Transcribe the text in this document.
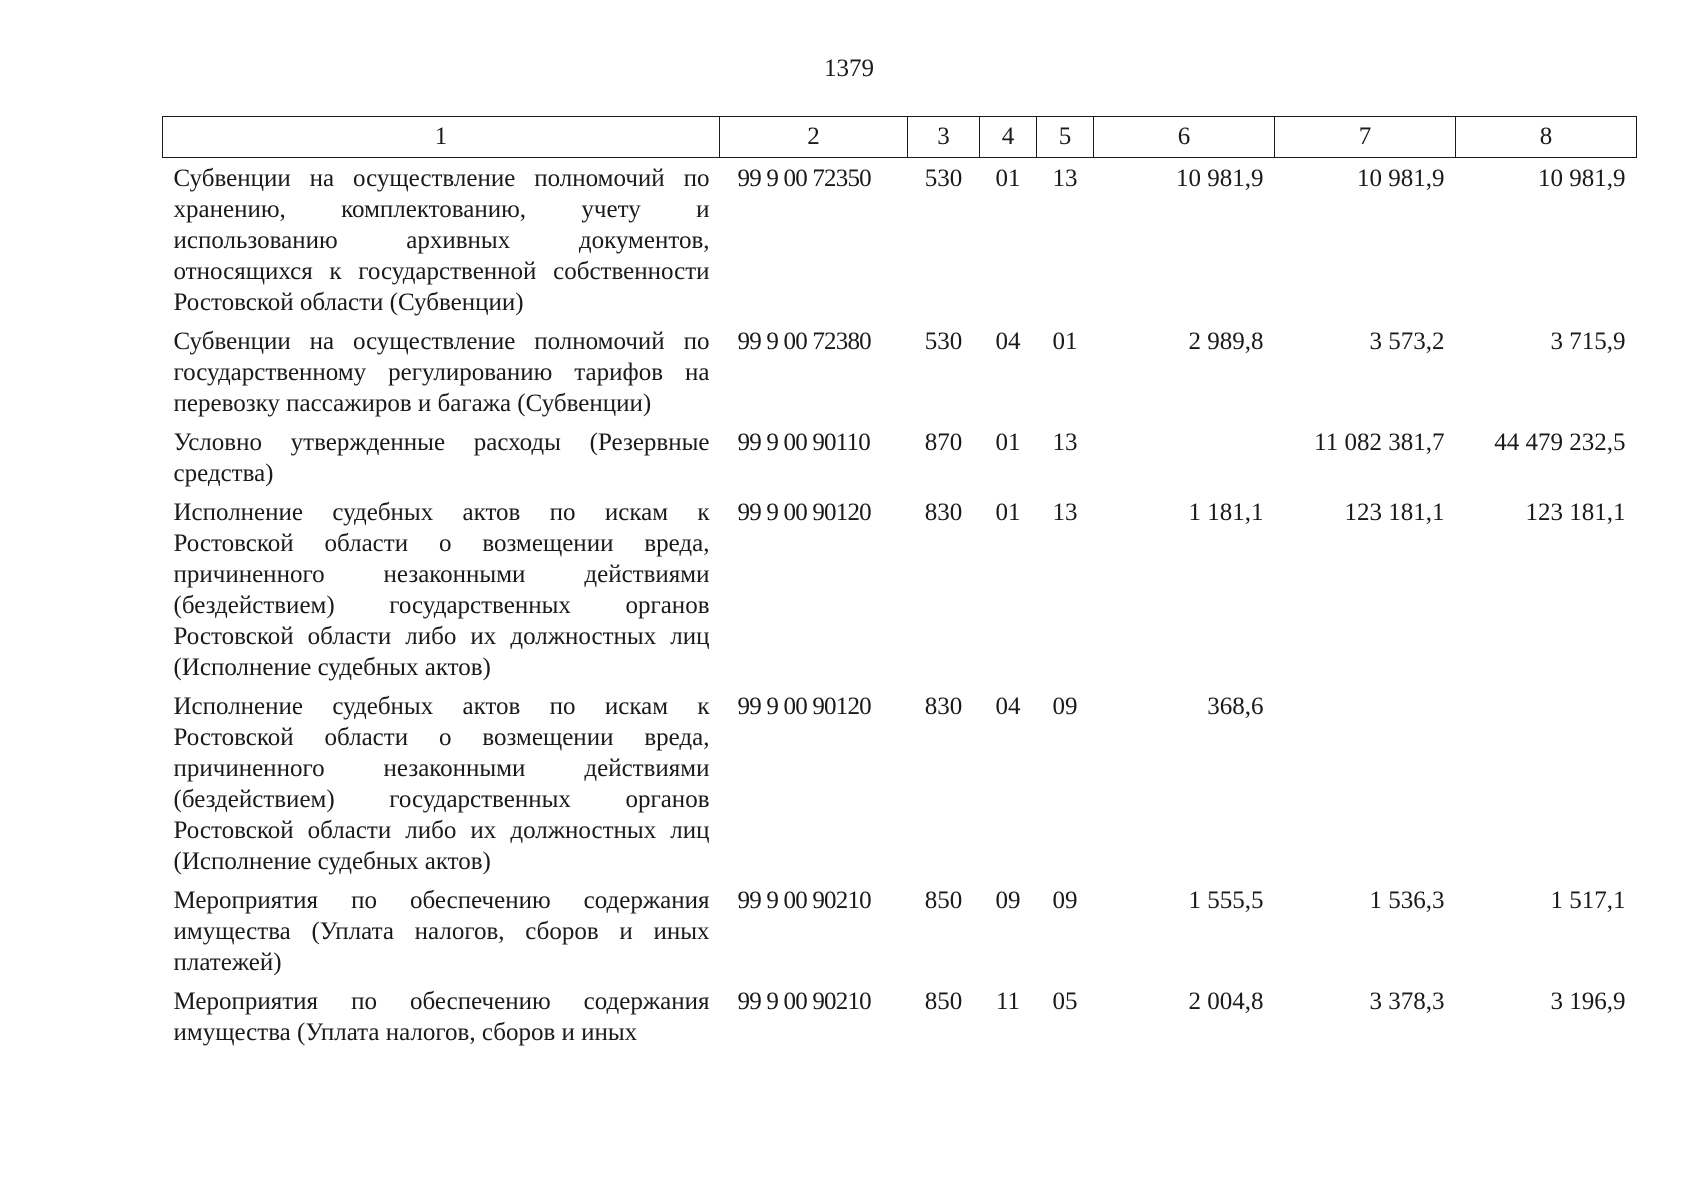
1379
1	2	3	4	5	6	7	8
Субвенции на осуществление полномочий по хранению, комплектованию, учету и использованию архивных документов, относящихся к государственной собственности Ростовской области (Субвенции)	99 9 00 72350	530	01	13	10 981,9	10 981,9	10 981,9
Субвенции на осуществление полномочий по государственному регулированию тарифов на перевозку пассажиров и багажа (Субвенции)	99 9 00 72380	530	04	01	2 989,8	3 573,2	3 715,9
Условно утвержденные расходы (Резервные средства)	99 9 00 90110	870	01	13		11 082 381,7	44 479 232,5
Исполнение судебных актов по искам к Ростовской области о возмещении вреда, причиненного незаконными действиями (бездействием) государственных органов Ростовской области либо их должностных лиц (Исполнение судебных актов)	99 9 00 90120	830	01	13	1 181,1	123 181,1	123 181,1
Исполнение судебных актов по искам к Ростовской области о возмещении вреда, причиненного незаконными действиями (бездействием) государственных органов Ростовской области либо их должностных лиц (Исполнение судебных актов)	99 9 00 90120	830	04	09	368,6		
Мероприятия по обеспечению содержания имущества (Уплата налогов, сборов и иных платежей)	99 9 00 90210	850	09	09	1 555,5	1 536,3	1 517,1
Мероприятия по обеспечению содержания имущества (Уплата налогов, сборов и иных	99 9 00 90210	850	11	05	2 004,8	3 378,3	3 196,9
